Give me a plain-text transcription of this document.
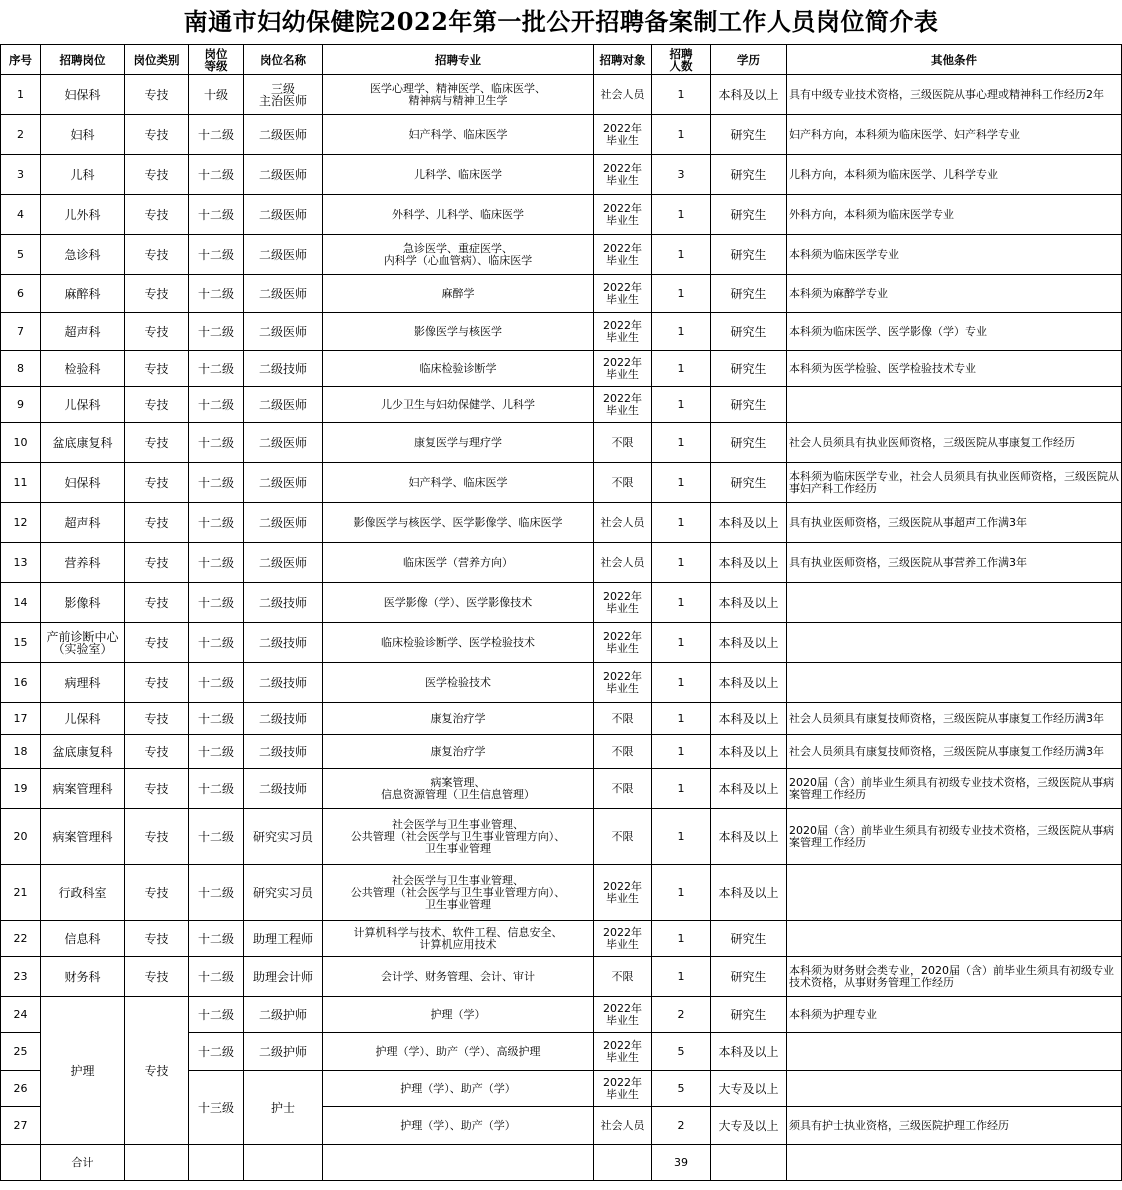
南通市妇幼保健院2022年第一批公开招聘备案制工作人员岗位简介表
序号	招聘岗位	岗位类别	岗位
等级	岗位名称	招聘专业	招聘对象	招聘
人数	学历	其他条件
1	妇保科	专技	十级	三级
主治医师	医学心理学、精神医学、临床医学、
精神病与精神卫生学	社会人员	1	本科及以上	具有中级专业技术资格，三级医院从事心理或精神科工作经历2年
2	妇科	专技	十二级	二级医师	妇产科学、临床医学	2022年
毕业生	1	研究生	妇产科方向，本科须为临床医学、妇产科学专业
3	儿科	专技	十二级	二级医师	儿科学、临床医学	2022年
毕业生	3	研究生	儿科方向，本科须为临床医学、儿科学专业
4	儿外科	专技	十二级	二级医师	外科学、儿科学、临床医学	2022年
毕业生	1	研究生	外科方向，本科须为临床医学专业
5	急诊科	专技	十二级	二级医师	急诊医学、重症医学、
内科学（心血管病）、临床医学	2022年
毕业生	1	研究生	本科须为临床医学专业
6	麻醉科	专技	十二级	二级医师	麻醉学	2022年
毕业生	1	研究生	本科须为麻醉学专业
7	超声科	专技	十二级	二级医师	影像医学与核医学	2022年
毕业生	1	研究生	本科须为临床医学、医学影像（学）专业
8	检验科	专技	十二级	二级技师	临床检验诊断学	2022年
毕业生	1	研究生	本科须为医学检验、医学检验技术专业
9	儿保科	专技	十二级	二级医师	儿少卫生与妇幼保健学、儿科学	2022年
毕业生	1	研究生	
10	盆底康复科	专技	十二级	二级医师	康复医学与理疗学	不限	1	研究生	社会人员须具有执业医师资格，三级医院从事康复工作经历
11	妇保科	专技	十二级	二级医师	妇产科学、临床医学	不限	1	研究生	本科须为临床医学专业，社会人员须具有执业医师资格，三级医院从事妇产科工作经历
12	超声科	专技	十二级	二级医师	影像医学与核医学、医学影像学、临床医学	社会人员	1	本科及以上	具有执业医师资格，三级医院从事超声工作满3年
13	营养科	专技	十二级	二级医师	临床医学（营养方向）	社会人员	1	本科及以上	具有执业医师资格，三级医院从事营养工作满3年
14	影像科	专技	十二级	二级技师	医学影像（学）、医学影像技术	2022年
毕业生	1	本科及以上	
15	产前诊断中心
（实验室）	专技	十二级	二级技师	临床检验诊断学、医学检验技术	2022年
毕业生	1	本科及以上	
16	病理科	专技	十二级	二级技师	医学检验技术	2022年
毕业生	1	本科及以上	
17	儿保科	专技	十二级	二级技师	康复治疗学	不限	1	本科及以上	社会人员须具有康复技师资格，三级医院从事康复工作经历满3年
18	盆底康复科	专技	十二级	二级技师	康复治疗学	不限	1	本科及以上	社会人员须具有康复技师资格，三级医院从事康复工作经历满3年
19	病案管理科	专技	十二级	二级技师	病案管理、
信息资源管理（卫生信息管理）	不限	1	本科及以上	2020届（含）前毕业生须具有初级专业技术资格，三级医院从事病案管理工作经历
20	病案管理科	专技	十二级	研究实习员	社会医学与卫生事业管理、
公共管理（社会医学与卫生事业管理方向）、
卫生事业管理	不限	1	本科及以上	2020届（含）前毕业生须具有初级专业技术资格，三级医院从事病案管理工作经历
21	行政科室	专技	十二级	研究实习员	社会医学与卫生事业管理、
公共管理（社会医学与卫生事业管理方向）、
卫生事业管理	2022年
毕业生	1	本科及以上	
22	信息科	专技	十二级	助理工程师	计算机科学与技术、软件工程、信息安全、
计算机应用技术	2022年
毕业生	1	研究生	
23	财务科	专技	十二级	助理会计师	会计学、财务管理、会计、审计	不限	1	研究生	本科须为财务财会类专业，2020届（含）前毕业生须具有初级专业技术资格，从事财务管理工作经历
24	护理	专技	十二级	二级护师	护理（学）	2022年
毕业生	2	研究生	本科须为护理专业
25			十二级	二级护师	护理（学）、助产（学）、高级护理	2022年
毕业生	5	本科及以上	
26			十三级	护士	护理（学）、助产（学）	2022年
毕业生	5	大专及以上	
27					护理（学）、助产（学）	社会人员	2	大专及以上	须具有护士执业资格，三级医院护理工作经历
	合计						39		
